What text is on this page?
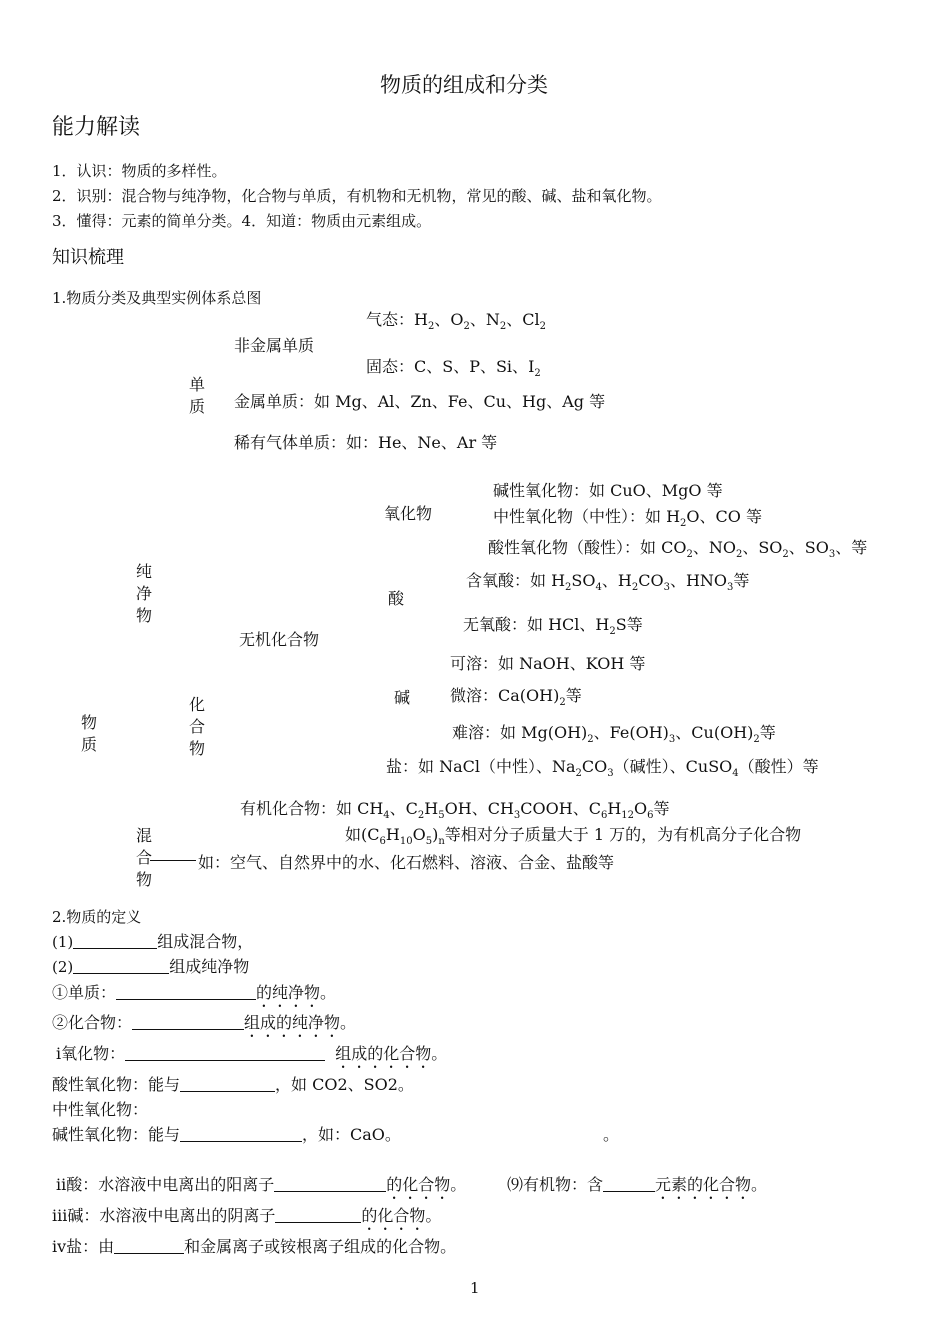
物质的组成和分类
能力解读
1．认识：物质的多样性。
2．识别：混合物与纯净物，化合物与单质，有机物和无机物，常见的酸、碱、盐和氧化物。
3．懂得：元素的简单分类。4．知道：物质由元素组成。
知识梳理
1.物质分类及典型实例体系总图
气态：$H_2$、$O_2$、$N_2$、$Cl_2$
非金属单质
固态：C、S、P、Si、$I_2$
单质 金属单质：如 Mg、Al、Zn、Fe、Cu、Hg、Ag 等
稀有气体单质：如：He、Ne、Ar 等
碱性氧化物：如 CuO、MgO 等
氧化物	中性氧化物（中性）：如 $H_2O$、CO 等
酸性氧化物（酸性）：如 $CO_2$、$NO_2$、$SO_2$、$SO_3$、等
纯净物
含氧酸：如 $H_2SO_4$、$H_2CO_3$、$HNO_3$等
酸
无氧酸：如 HCl、$H_2S$等
无机化合物
可溶：如 NaOH、KOH 等
碱 微溶：$Ca(OH)_2$等
化合物
物质
难溶：如 $Mg(OH)_2$、$Fe(OH)_3$、$Cu(OH)_2$等
盐：如 NaCl（中性）、$Na_2CO_3$（碱性）、CuSO$_4$（酸性）等
有机化合物：如 $CH_4$、$C_2H_5OH$、$CH_3COOH$、$C_6H_{12}O_6$等
混合物
如$(C_6H_{10}O_5)_n$等相对分子质量大于 1 万的，为有机高分子化合物
如：空气、自然界中的水、化石燃料、溶液、合金、盐酸等
2.物质的定义
(1)	组成混合物，
(2)	组成纯净物
①单质：	的纯净物。
②化合物：	组成的纯净物。
ⅰ氧化物：	组成的化合物。
酸性氧化物：能与	，如 CO2、SO2。
中性氧化物：
碱性氧化物：能与	，如：CaO。	。
ⅱ酸：水溶液中电离出的阳离子	的化合物。	⑼有机物：含	元素的化合物。
ⅲ碱：水溶液中电离出的阴离子	的化合物。
ⅳ盐：由	和金属离子或铵根离子组成的化合物。
1
